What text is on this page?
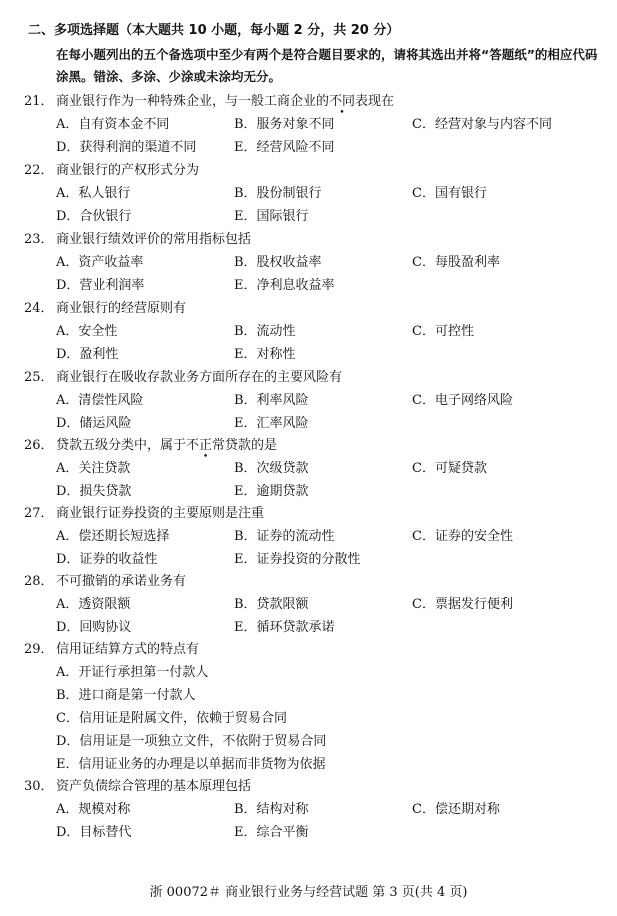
二、多项选择题（本大题共 10 小题，每小题 2 分，共 20 分）
在每小题列出的五个备选项中至少有两个是符合题目要求的，请将其选出并将“答题纸”的相应代码涂黑。错涂、多涂、少涂或未涂均无分。
21． 商业银行作为一种特殊企业，与一般工商企业的不同表现在
A．自有资本金不同	B．服务对象不同	C．经营对象与内容不同
D．获得利润的渠道不同	E．经营风险不同
22． 商业银行的产权形式分为
A．私人银行	B．股份制银行	C．国有银行
D．合伙银行	E．国际银行
23． 商业银行绩效评价的常用指标包括
A．资产收益率	B．股权收益率	C．每股盈利率
D．营业利润率	E．净利息收益率
24． 商业银行的经营原则有
A．安全性	B．流动性	C．可控性
D．盈利性	E．对称性
25． 商业银行在吸收存款业务方面所存在的主要风险有
A．清偿性风险	B．利率风险	C．电子网络风险
D．储运风险	E．汇率风险
26． 贷款五级分类中，属于不正常贷款的是
A．关注贷款	B．次级贷款	C．可疑贷款
D．损失贷款	E．逾期贷款
27． 商业银行证券投资的主要原则是注重
A．偿还期长短选择	B．证券的流动性	C．证券的安全性
D．证券的收益性	E．证券投资的分散性
28． 不可撤销的承诺业务有
A．透资限额	B．贷款限额	C．票据发行便利
D．回购协议	E．循环贷款承诺
29． 信用证结算方式的特点有
A．开证行承担第一付款人
B．进口商是第一付款人
C．信用证是附属文件，依赖于贸易合同
D．信用证是一项独立文件，不依附于贸易合同
E．信用证业务的办理是以单据而非货物为依据
30． 资产负债综合管理的基本原理包括
A．规模对称	B．结构对称	C．偿还期对称
D．目标替代	E．综合平衡
浙 00072＃ 商业银行业务与经营试题 第 3 页(共 4 页)
